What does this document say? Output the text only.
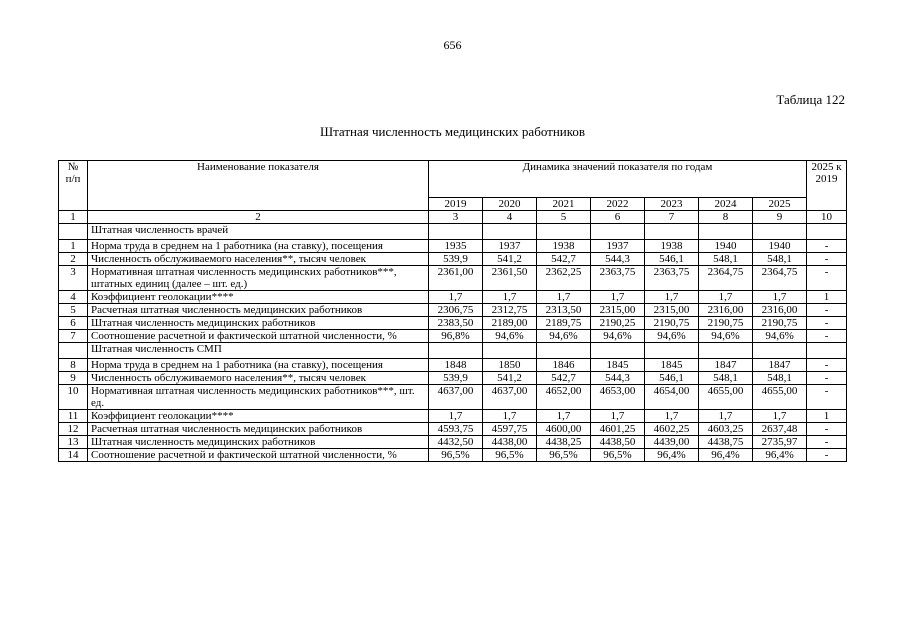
656
Таблица 122
Штатная численность медицинских работников
№ п/п	Наименование показателя	Динамика значений показателя по годам							2025 к 2019
		2019	2020	2021	2022	2023	2024	2025	
1	2	3	4	5	6	7	8	9	10
	Штатная численность врачей								
1	Норма труда в среднем на 1 работника (на ставку), посещения	1935	1937	1938	1937	1938	1940	1940	-
2	Численность обслуживаемого населения**, тысяч человек	539,9	541,2	542,7	544,3	546,1	548,1	548,1	-
3	Нормативная штатная численность медицинских работников***, штатных единиц (далее – шт. ед.)	2361,00	2361,50	2362,25	2363,75	2363,75	2364,75	2364,75	-
4	Коэффициент геолокации****	1,7	1,7	1,7	1,7	1,7	1,7	1,7	1
5	Расчетная штатная численность медицинских работников	2306,75	2312,75	2313,50	2315,00	2315,00	2316,00	2316,00	-
6	Штатная численность медицинских работников	2383,50	2189,00	2189,75	2190,25	2190,75	2190,75	2190,75	-
7	Соотношение расчетной и фактической штатной численности, %	96,8%	94,6%	94,6%	94,6%	94,6%	94,6%	94,6%	-
	Штатная численность СМП								
8	Норма труда в среднем на 1 работника (на ставку), посещения	1848	1850	1846	1845	1845	1847	1847	-
9	Численность обслуживаемого населения**, тысяч человек	539,9	541,2	542,7	544,3	546,1	548,1	548,1	-
10	Нормативная штатная численность медицинских работников***, шт. ед.	4637,00	4637,00	4652,00	4653,00	4654,00	4655,00	4655,00	-
11	Коэффициент геолокации****	1,7	1,7	1,7	1,7	1,7	1,7	1,7	1
12	Расчетная штатная численность медицинских работников	4593,75	4597,75	4600,00	4601,25	4602,25	4603,25	2637,48	-
13	Штатная численность медицинских работников	4432,50	4438,00	4438,25	4438,50	4439,00	4438,75	2735,97	-
14	Соотношение расчетной и фактической штатной численности, %	96,5%	96,5%	96,5%	96,5%	96,4%	96,4%	96,4%	-
